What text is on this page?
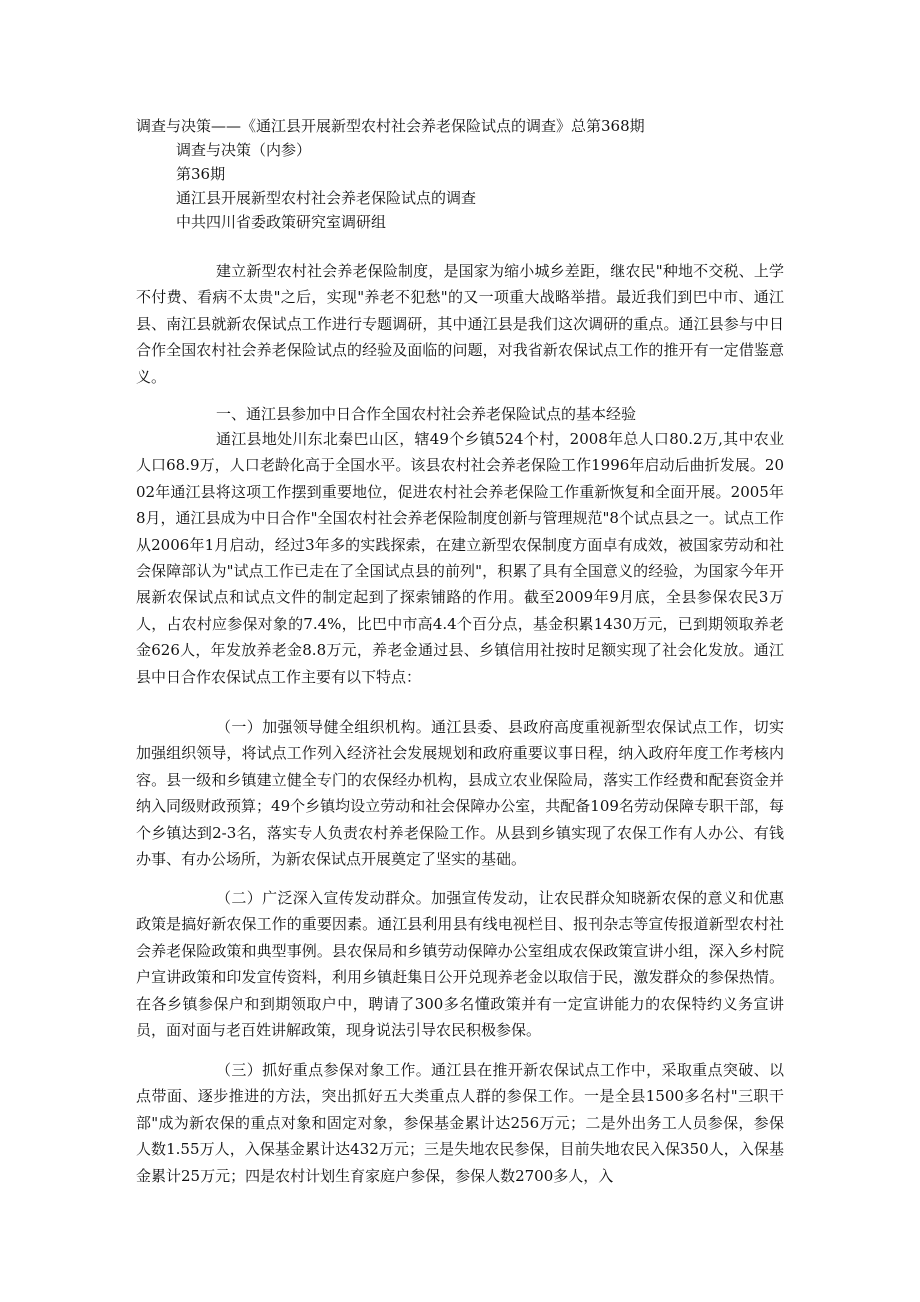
调查与决策——《通江县开展新型农村社会养老保险试点的调查》总第368期
调查与决策（内参）
第36期
通江县开展新型农村社会养老保险试点的调查
中共四川省委政策研究室调研组
建立新型农村社会养老保险制度，是国家为缩小城乡差距，继农民"种地不交税、上学不付费、看病不太贵"之后，实现"养老不犯愁"的又一项重大战略举措。最近我们到巴中市、通江县、南江县就新农保试点工作进行专题调研，其中通江县是我们这次调研的重点。通江县参与中日合作全国农村社会养老保险试点的经验及面临的问题，对我省新农保试点工作的推开有一定借鉴意义。
一、通江县参加中日合作全国农村社会养老保险试点的基本经验
通江县地处川东北秦巴山区，辖49个乡镇524个村，2008年总人口80.2万,其中农业人口68.9万，人口老龄化高于全国水平。该县农村社会养老保险工作1996年启动后曲折发展。2002年通江县将这项工作摆到重要地位，促进农村社会养老保险工作重新恢复和全面开展。2005年8月，通江县成为中日合作"全国农村社会养老保险制度创新与管理规范"8个试点县之一。试点工作从2006年1月启动，经过3年多的实践探索，在建立新型农保制度方面卓有成效，被国家劳动和社会保障部认为"试点工作已走在了全国试点县的前列"，积累了具有全国意义的经验，为国家今年开展新农保试点和试点文件的制定起到了探索铺路的作用。截至2009年9月底，全县参保农民3万人，占农村应参保对象的7.4%，比巴中市高4.4个百分点，基金积累1430万元，已到期领取养老金626人，年发放养老金8.8万元，养老金通过县、乡镇信用社按时足额实现了社会化发放。通江县中日合作农保试点工作主要有以下特点：
（一）加强领导健全组织机构。通江县委、县政府高度重视新型农保试点工作，切实加强组织领导，将试点工作列入经济社会发展规划和政府重要议事日程，纳入政府年度工作考核内容。县一级和乡镇建立健全专门的农保经办机构，县成立农业保险局，落实工作经费和配套资金并纳入同级财政预算；49个乡镇均设立劳动和社会保障办公室，共配备109名劳动保障专职干部，每个乡镇达到2-3名，落实专人负责农村养老保险工作。从县到乡镇实现了农保工作有人办公、有钱办事、有办公场所，为新农保试点开展奠定了坚实的基础。
（二）广泛深入宣传发动群众。加强宣传发动，让农民群众知晓新农保的意义和优惠政策是搞好新农保工作的重要因素。通江县利用县有线电视栏目、报刊杂志等宣传报道新型农村社会养老保险政策和典型事例。县农保局和乡镇劳动保障办公室组成农保政策宣讲小组，深入乡村院户宣讲政策和印发宣传资料，利用乡镇赶集日公开兑现养老金以取信于民，激发群众的参保热情。在各乡镇参保户和到期领取户中，聘请了300多名懂政策并有一定宣讲能力的农保特约义务宣讲员，面对面与老百姓讲解政策，现身说法引导农民积极参保。
（三）抓好重点参保对象工作。通江县在推开新农保试点工作中，采取重点突破、以点带面、逐步推进的方法，突出抓好五大类重点人群的参保工作。一是全县1500多名村"三职干部"成为新农保的重点对象和固定对象，参保基金累计达256万元；二是外出务工人员参保，参保人数1.55万人，入保基金累计达432万元；三是失地农民参保，目前失地农民入保350人，入保基金累计25万元；四是农村计划生育家庭户参保，参保人数2700多人，入
